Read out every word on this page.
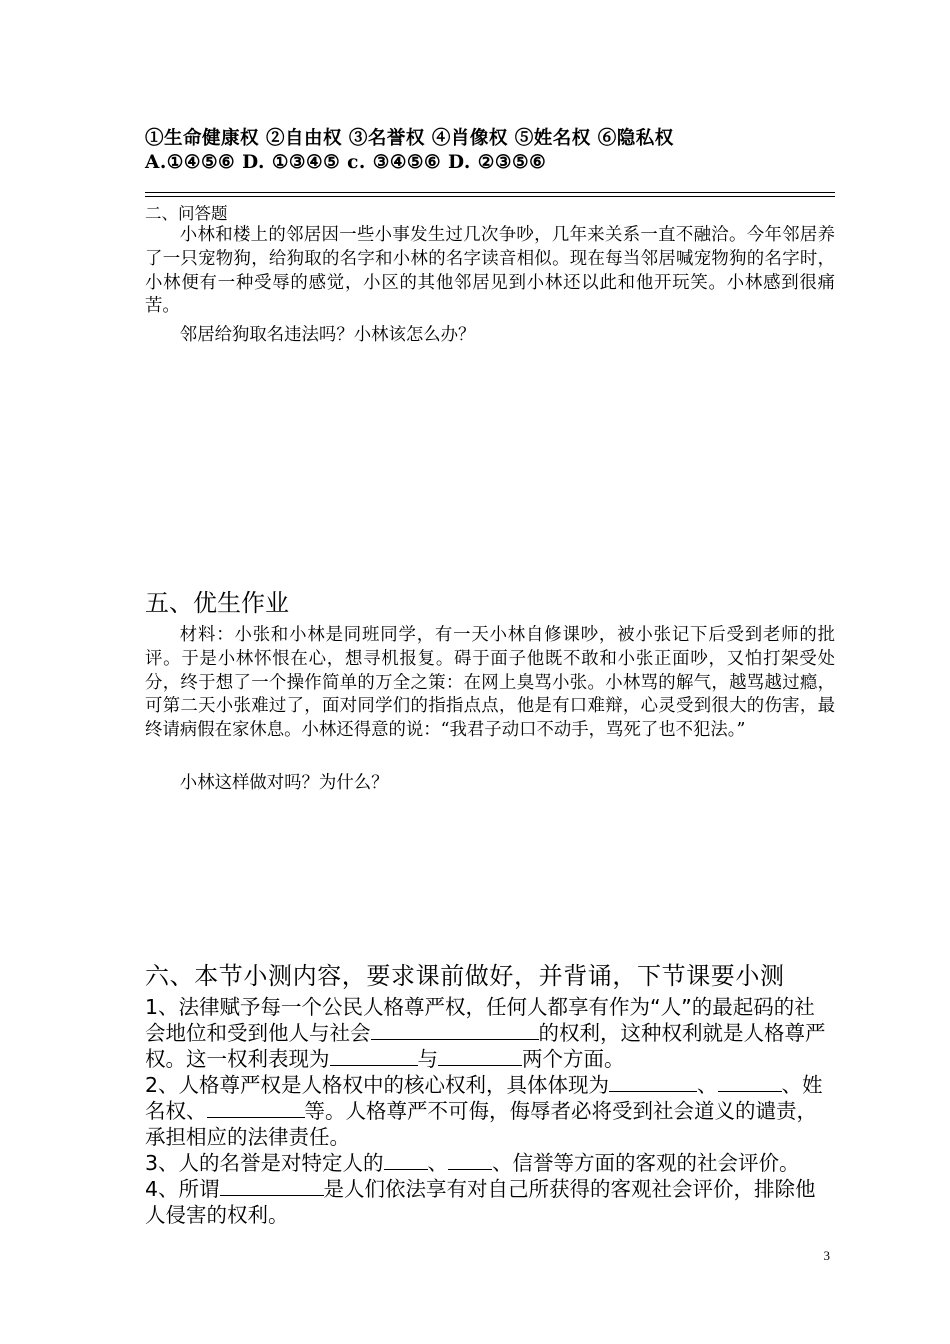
①生命健康权 ②自由权 ③名誉权 ④肖像权 ⑤姓名权 ⑥隐私权
A.①④⑤⑥ D. ①③④⑤ c. ③④⑤⑥ D. ②③⑤⑥
二、问答题
小林和楼上的邻居因一些小事发生过几次争吵，几年来关系一直不融洽。今年邻居养了一只宠物狗，给狗取的名字和小林的名字读音相似。现在每当邻居喊宠物狗的名字时，小林便有一种受辱的感觉，小区的其他邻居见到小林还以此和他开玩笑。小林感到很痛苦。
邻居给狗取名违法吗？小林该怎么办？
五、优生作业
材料：小张和小林是同班同学，有一天小林自修课吵，被小张记下后受到老师的批评。于是小林怀恨在心，想寻机报复。碍于面子他既不敢和小张正面吵，又怕打架受处分，终于想了一个操作简单的万全之策：在网上臭骂小张。小林骂的解气，越骂越过瘾，可第二天小张难过了，面对同学们的指指点点，他是有口难辩，心灵受到很大的伤害，最终请病假在家休息。小林还得意的说：“我君子动口不动手，骂死了也不犯法。”
小林这样做对吗？为什么？
六、本节小测内容，要求课前做好，并背诵，下节课要小测
1、法律赋予每一个公民人格尊严权，任何人都享有作为“人”的最起码的社会地位和受到他人与社会	的权利，这种权利就是人格尊严权。这一权利表现为	与	两个方面。
2、人格尊严权是人格权中的核心权利，具体体现为	、	、姓名权、	等。人格尊严不可侮，侮辱者必将受到社会道义的谴责，承担相应的法律责任。
3、人的名誉是对特定人的 、 、信誉等方面的客观的社会评价。
4、所谓	是人们依法享有对自己所获得的客观社会评价，排除他人侵害的权利。
3
